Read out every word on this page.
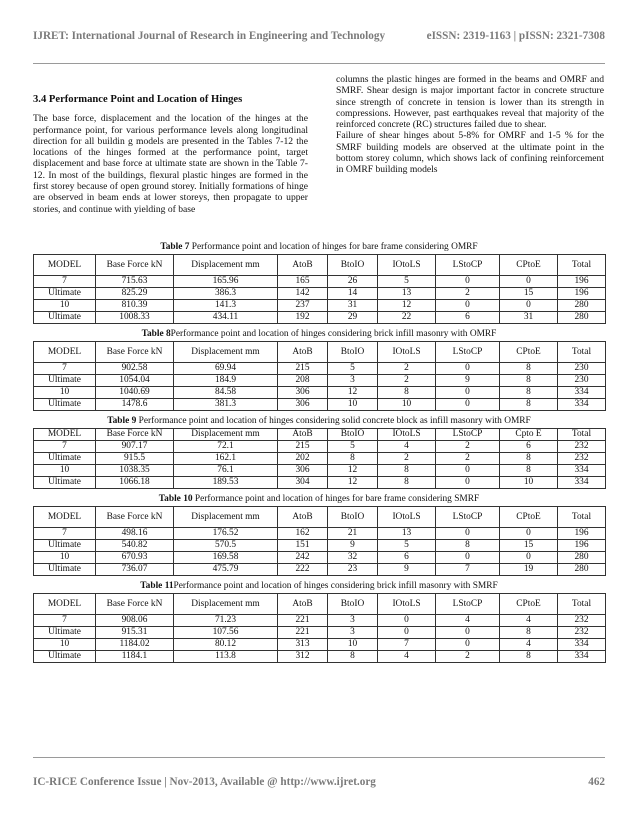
IJRET: International Journal of Research in Engineering and Technology	eISSN: 2319-1163 | pISSN: 2321-7308
3.4 Performance Point and Location of Hinges

The base force, displacement and the location of the hinges at the performance point, for various performance levels along longitudinal direction for all buildin g models are presented in the Tables 7-12 the locations of the hinges formed at the performance point, target displacement and base force at ultimate state are shown in the Table 7-12. In most of the buildings, flexural plastic hinges are formed in the first storey because of open ground storey. Initially formations of hinge are observed in beam ends at lower storeys, then propagate to upper stories, and continue with yielding of base

columns the plastic hinges are formed in the beams and OMRF and SMRF. Shear design is major important factor in concrete structure since strength of concrete in tension is lower than its strength in compressions. However, past earthquakes reveal that majority of the reinforced concrete (RC) structures failed due to shear.

Failure of shear hinges about 5-8% for OMRF and 1-5 % for the SMRF building models are observed at the ultimate point in the bottom storey column, which shows lack of confining reinforcement in OMRF building models

Table 7 Performance point and location of hinges for bare frame considering OMRF
MODEL	Base Force kN	Displacement mm	AtoB	BtoIO	IOtoLS	LStoCP	CPtoE	Total
7	715.63	165.96	165	26	5	0	0	196
Ultimate	825.29	386.3	142	14	13	2	15	196
10	810.39	141.3	237	31	12	0	0	280
Ultimate	1008.33	434.11	192	29	22	6	31	280
Table 8Performance point and location of hinges considering brick infill masonry with OMRF
MODEL	Base Force kN	Displacement mm	AtoB	BtoIO	IOtoLS	LStoCP	CPtoE	Total
7	902.58	69.94	215	5	2	0	8	230
Ultimate	1054.04	184.9	208	3	2	9	8	230
10	1040.69	84.58	306	12	8	0	8	334
Ultimate	1478.6	381.3	306	10	10	0	8	334
Table 9 Performance point and location of hinges considering solid concrete block as infill masonry with OMRF
MODEL	Base Force kN	Displacement mm	AtoB	BtoIO	IOtoLS	LStoCP	Cpto E	Total
7	907.17	72.1	215	5	4	2	6	232
Ultimate	915.5	162.1	202	8	2	2	8	232
10	1038.35	76.1	306	12	8	0	8	334
Ultimate	1066.18	189.53	304	12	8	0	10	334
Table 10 Performance point and location of hinges for bare frame considering SMRF
MODEL	Base Force kN	Displacement mm	AtoB	BtoIO	IOtoLS	LStoCP	CPtoE	Total
7	498.16	176.52	162	21	13	0	0	196
Ultimate	540.82	570.5	151	9	5	8	15	196
10	670.93	169.58	242	32	6	0	0	280
Ultimate	736.07	475.79	222	23	9	7	19	280
Table 11Performance point and location of hinges considering brick infill masonry with SMRF
MODEL	Base Force kN	Displacement mm	AtoB	BtoIO	IOtoLS	LStoCP	CPtoE	Total
7	908.06	71.23	221	3	0	4	4	232
Ultimate	915.31	107.56	221	3	0	0	8	232
10	1184.02	80.12	313	10	7	0	4	334
Ultimate	1184.1	113.8	312	8	4	2	8	334
IC-RICE Conference Issue | Nov-2013, Available @ http://www.ijret.org	462
